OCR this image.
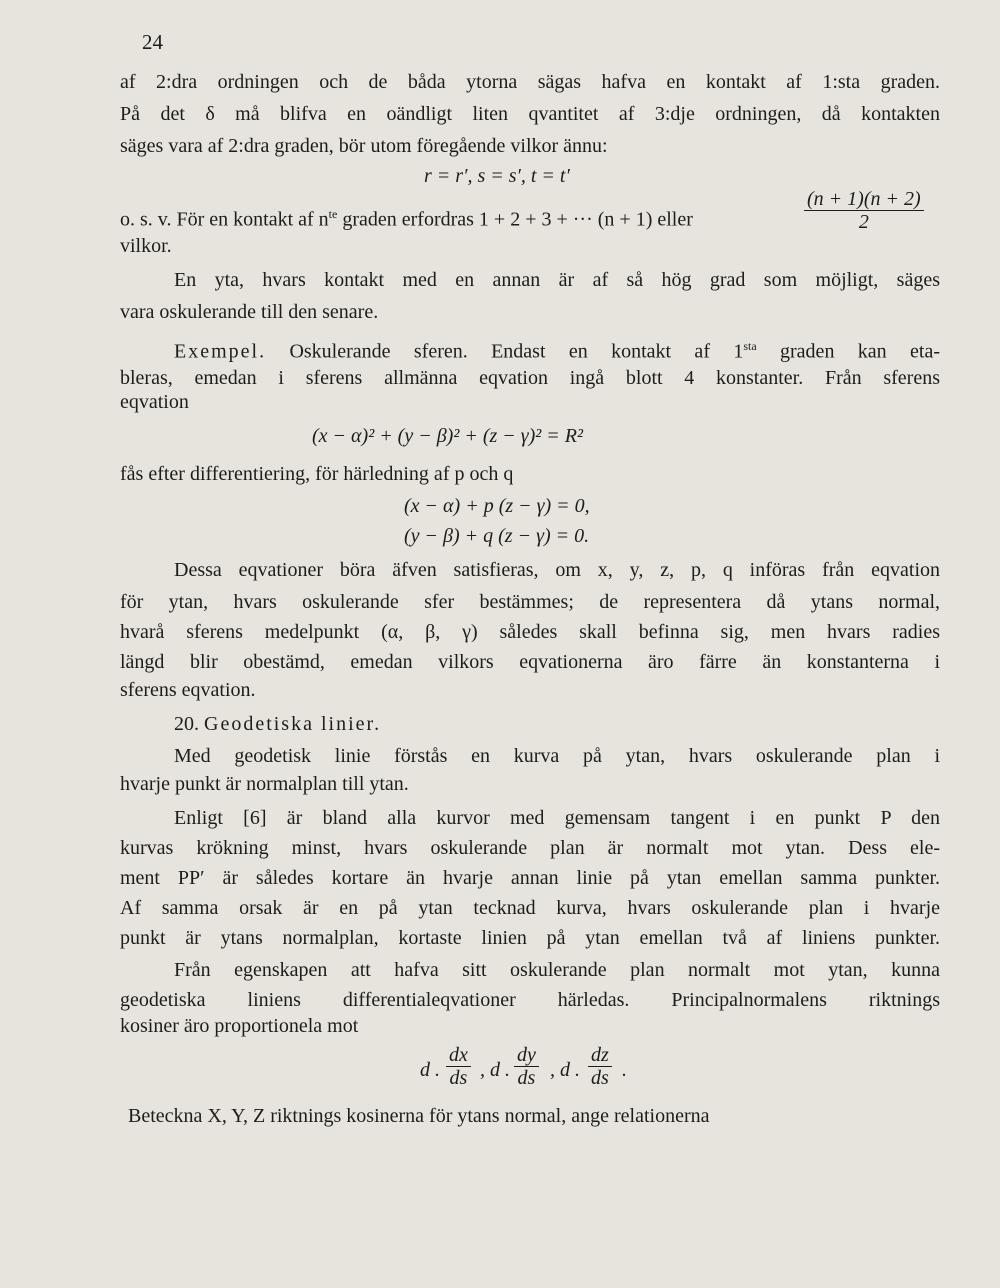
24
af 2:dra ordningen och de båda ytorna sägas hafva en kontakt af 1:sta graden.
På det δ må blifva en oändligt liten qvantitet af 3:dje ordningen, då kontakten
säges vara af 2:dra graden, bör utom föregående vilkor ännu:
r = r′, s = s′, t = t′
o. s. v. För en kontakt af $n^{te}$ graden erfordras 1 + 2 + 3 + ··· (n + 1) eller	$\frac{(n + 1)(n + 2)}{2}$
vilkor.
En yta, hvars kontakt med en annan är af så hög grad som möjligt, säges
vara oskulerande till den senare.
Exempel. Oskulerande sferen. Endast en kontakt af $1^{sta}$ graden kan eta-
bleras, emedan i sferens allmänna eqvation ingå blott 4 konstanter. Från sferens
eqvation
(x − α)² + (y − β)² + (z − γ)² = R²
fås efter differentiering, för härledning af p och q
(x − α) + p (z − γ) = 0,
(y − β) + q (z − γ) = 0.
Dessa eqvationer böra äfven satisfieras, om x, y, z, p, q införas från eqvation
för ytan, hvars oskulerande sfer bestämmes; de representera då ytans normal,
hvarå sferens medelpunkt (α, β, γ) således skall befinna sig, men hvars radies
längd blir obestämd, emedan vilkors eqvationerna äro färre än konstanterna i
sferens eqvation.
20. Geodetiska linier.
Med geodetisk linie förstås en kurva på ytan, hvars oskulerande plan i
hvarje punkt är normalplan till ytan.
Enligt [6] är bland alla kurvor med gemensam tangent i en punkt P den
kurvas krökning minst, hvars oskulerande plan är normalt mot ytan. Dess ele-
ment PP′ är således kortare än hvarje annan linie på ytan emellan samma punkter.
Af samma orsak är en på ytan tecknad kurva, hvars oskulerande plan i hvarje
punkt är ytans normalplan, kortaste linien på ytan emellan två af liniens punkter.
Från egenskapen att hafva sitt oskulerande plan normalt mot ytan, kunna
geodetiska liniens differentialeqvationer härledas. Principalnormalens riktnings
kosiner äro proportionela mot
d . $\frac{dx}{ds}$ , d . $\frac{dy}{ds}$ , d . $\frac{dz}{ds}$ .
Beteckna X, Y, Z riktnings kosinerna för ytans normal, ange relationerna
